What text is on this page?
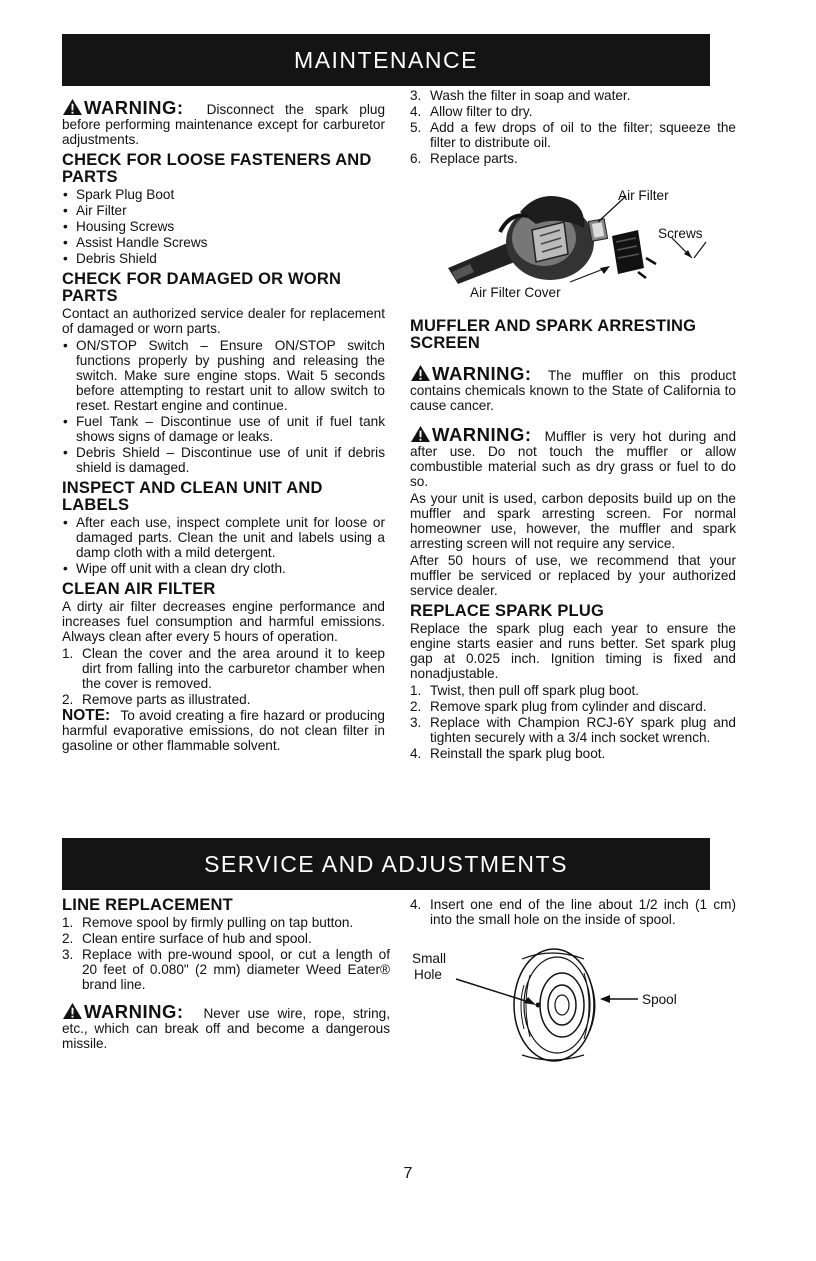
MAINTENANCE

WARNING: Disconnect the spark plug before performing maintenance except for carburetor adjustments.

CHECK FOR LOOSE FASTENERS AND PARTS
• Spark Plug Boot
• Air Filter
• Housing Screws
• Assist Handle Screws
• Debris Shield
CHECK FOR DAMAGED OR WORN PARTS

Contact an authorized service dealer for replacement of damaged or worn parts.

• ON/STOP Switch – Ensure ON/STOP switch functions properly by pushing and releasing the switch. Make sure engine stops. Wait 5 seconds before attempting to restart unit to allow switch to reset. Restart engine and continue.
• Fuel Tank – Discontinue use of unit if fuel tank shows signs of damage or leaks.
• Debris Shield – Discontinue use of unit if debris shield is damaged.
INSPECT AND CLEAN UNIT AND LABELS
• After each use, inspect complete unit for loose or damaged parts. Clean the unit and labels using a damp cloth with a mild detergent.
• Wipe off unit with a clean dry cloth.
CLEAN AIR FILTER

A dirty air filter decreases engine performance and increases fuel consumption and harmful emissions. Always clean after every 5 hours of operation.

1. Clean the cover and the area around it to keep dirt from falling into the carburetor chamber when the cover is removed.
2. Remove parts as illustrated.

NOTE: To avoid creating a fire hazard or producing harmful evaporative emissions, do not clean filter in gasoline or other flammable solvent.

3. Wash the filter in soap and water.
4. Allow filter to dry.
5. Add a few drops of oil to the filter; squeeze the filter to distribute oil.
6. Replace parts.
Air Filter
Screws
Air Filter Cover
MUFFLER AND SPARK ARRESTING SCREEN

WARNING: The muffler on this product contains chemicals known to the State of California to cause cancer.

WARNING: Muffler is very hot during and after use. Do not touch the muffler or allow combustible material such as dry grass or fuel to do so.

As your unit is used, carbon deposits build up on the muffler and spark arresting screen. For normal homeowner use, however, the muffler and spark arresting screen will not require any service.

After 50 hours of use, we recommend that your muffler be serviced or replaced by your authorized service dealer.

REPLACE SPARK PLUG

Replace the spark plug each year to ensure the engine starts easier and runs better. Set spark plug gap at 0.025 inch. Ignition timing is fixed and nonadjustable.

1. Twist, then pull off spark plug boot.
2. Remove spark plug from cylinder and discard.
3. Replace with Champion RCJ-6Y spark plug and tighten securely with a 3/4 inch socket wrench.
4. Reinstall the spark plug boot.
SERVICE AND ADJUSTMENTS
LINE REPLACEMENT
1. Remove spool by firmly pulling on tap button.
2. Clean entire surface of hub and spool.
3. Replace with pre-wound spool, or cut a length of 20 feet of 0.080" (2 mm) diameter Weed Eater® brand line.

WARNING: Never use wire, rope, string, etc., which can break off and become a dangerous missile.

4. Insert one end of the line about 1/2 inch (1 cm) into the small hole on the inside of spool.
Small
Hole
Spool
7
